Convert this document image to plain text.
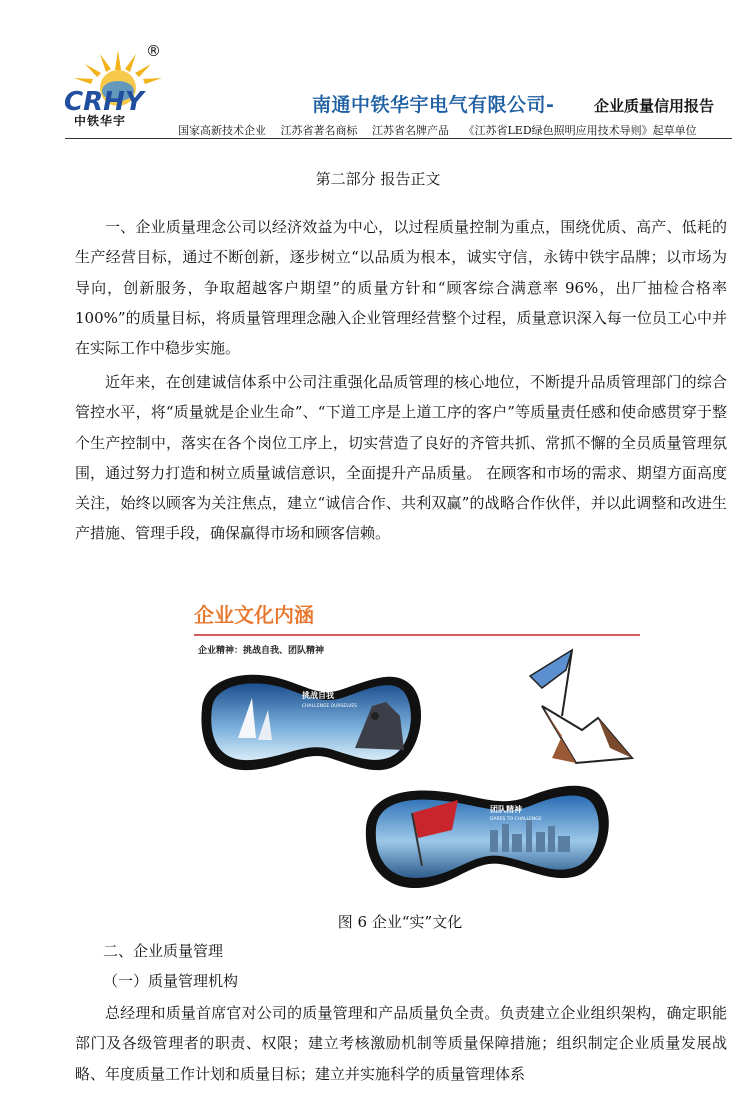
CRHY
®
中铁华宇
南通中铁华宇电气有限公司-	企业质量信用报告
国家高新技术企业 江苏省著名商标 江苏省名牌产品 《江苏省LED绿色照明应用技术导则》起草单位
第二部分 报告正文

一、企业质量理念公司以经济效益为中心，以过程质量控制为重点，围绕优质、高产、低耗的生产经营目标，通过不断创新，逐步树立“以品质为根本，诚实守信，永铸中铁宇品牌；以市场为导向，创新服务，争取超越客户期望”的质量方针和“顾客综合满意率 96%，出厂抽检合格率 100%”的质量目标，将质量管理理念融入企业管理经营整个过程，质量意识深入每一位员工心中并在实际工作中稳步实施。

近年来，在创建诚信体系中公司注重强化品质管理的核心地位，不断提升品质管理部门的综合管控水平，将“质量就是企业生命”、“下道工序是上道工序的客户”等质量责任感和使命感贯穿于整个生产控制中，落实在各个岗位工序上，切实营造了良好的齐管共抓、常抓不懈的全员质量管理氛围，通过努力打造和树立质量诚信意识，全面提升产品质量。 在顾客和市场的需求、期望方面高度关注，始终以顾客为关注焦点，建立“诚信合作、共利双赢”的战略合作伙伴，并以此调整和改进生产措施、管理手段，确保赢得市场和顾客信赖。

企业文化内涵
企业精神：挑战自我、团队精神
挑战自我
CHALLENGE OURSELVES
团队精神
DARES TO CHALLENGE
图 6 企业“实”文化
二、企业质量管理
（一）质量管理机构

总经理和质量首席官对公司的质量管理和产品质量负全责。负责建立企业组织架构，确定职能部门及各级管理者的职责、权限；建立考核激励机制等质量保障措施；组织制定企业质量发展战略、年度质量工作计划和质量目标；建立并实施科学的质量管理体系
